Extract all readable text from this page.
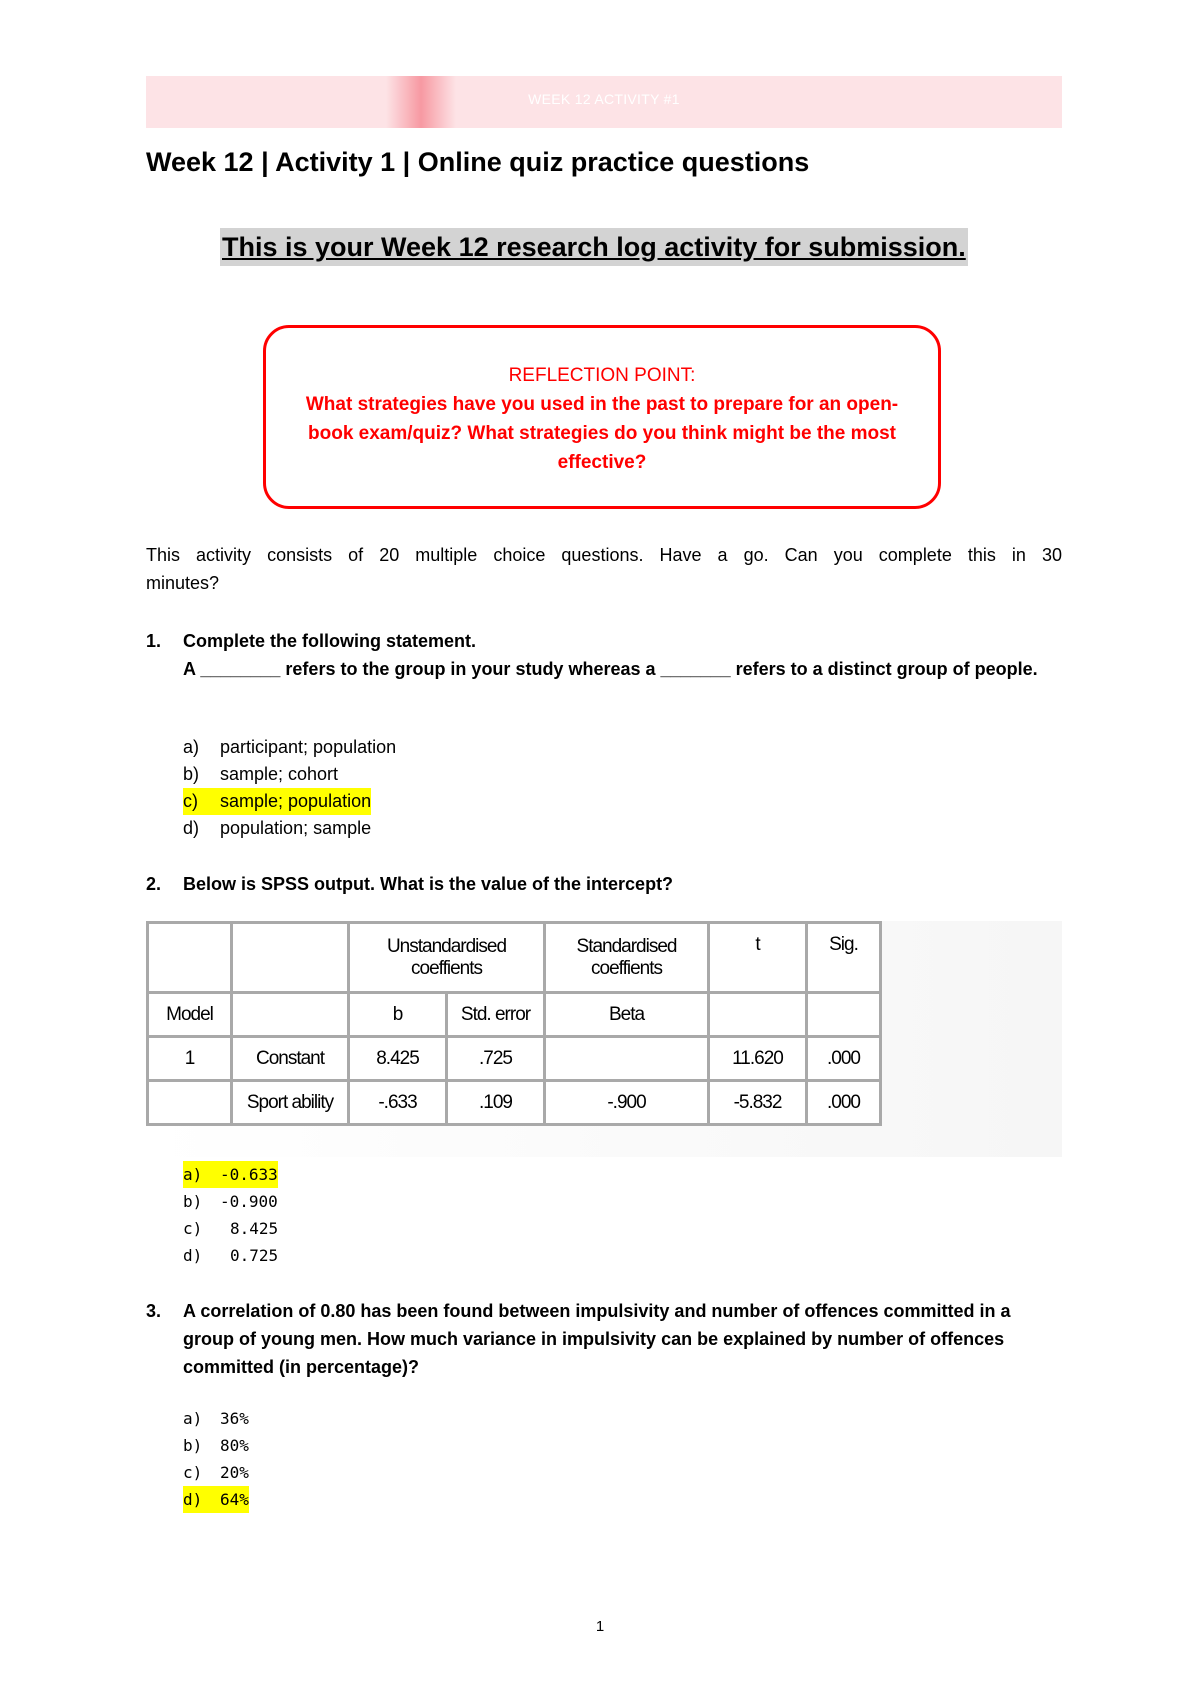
WEEK 12 ACTIVITY #1
Week 12 | Activity 1 | Online quiz practice questions
This is your Week 12 research log activity for submission.
REFLECTION POINT:
What strategies have you used in the past to prepare for an open-book exam/quiz? What strategies do you think might be the most effective?
This activity consists of 20 multiple choice questions. Have a go. Can you complete this in 30 minutes?
1. Complete the following statement.
A ________ refers to the group in your study whereas a _______ refers to a distinct group of people.
a) participant; population
b) sample; cohort
c) sample; population
d) population; sample
2. Below is SPSS output. What is the value of the intercept?
		Unstandardised coeffients		Standardised coeffients	t	Sig.
Model		b	Std. error	Beta		
1	Constant	8.425	.725		11.620	.000
	Sport ability	-.633	.109	-.900	-5.832	.000
a) -0.633
b) -0.900
c) 8.425
d) 0.725
3. A correlation of 0.80 has been found between impulsivity and number of offences committed in a group of young men. How much variance in impulsivity can be explained by number of offences committed (in percentage)?
a) 36%
b) 80%
c) 20%
d) 64%
1
